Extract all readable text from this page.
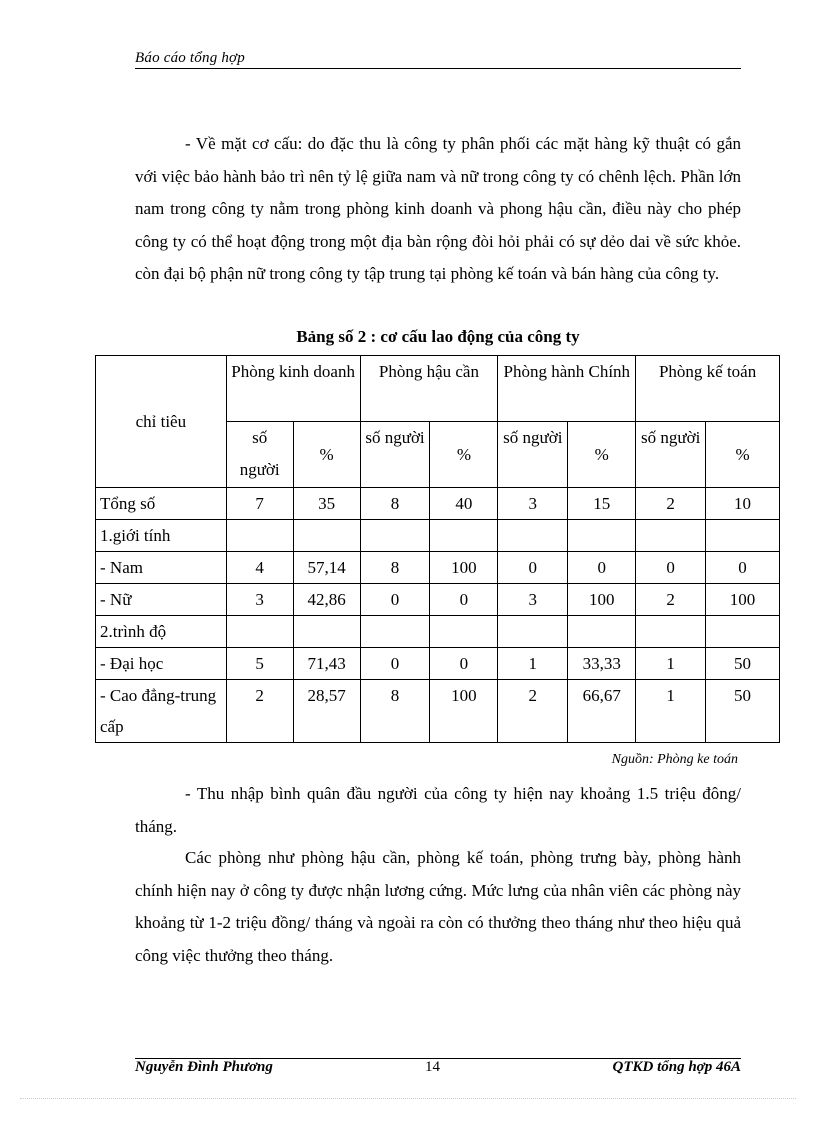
Báo cáo tổng hợp
- Về mặt cơ cấu: do đặc thu là công ty phân phối các mặt hàng kỹ thuật có gắn với việc bảo hành bảo trì nên tỷ lệ giữa nam và nữ trong công ty có chênh lệch. Phần lớn nam trong công ty nằm trong phòng kinh doanh và phong hậu cần, điều này cho phép công ty có thể hoạt động trong một địa bàn rộng đòi hỏi phải có sự dẻo dai về sức khỏe. còn đại bộ phận nữ trong công ty tập trung tại phòng kế toán và bán hàng của công ty.
Bảng số 2 : cơ cấu lao động của công ty
chỉ tiêu	Phòng kinh doanh		Phòng hậu cần		Phòng hành Chính		Phòng kế toán	
	số người	%	số người	%	số người	%	số người	%
Tổng số	7	35	8	40	3	15	2	10
1.giới tính								
- Nam	4	57,14	8	100	0	0	0	0
- Nữ	3	42,86	0	0	3	100	2	100
2.trình độ								
- Đại học	5	71,43	0	0	1	33,33	1	50
- Cao đẳng-trung cấp	2	28,57	8	100	2	66,67	1	50
Nguồn: Phòng ke toán
- Thu nhập bình quân đầu người của công ty hiện nay khoảng 1.5 triệu đông/ tháng.
Các phòng như phòng hậu cần, phòng kế toán, phòng trưng bày, phòng hành chính hiện nay ở công ty được nhận lương cứng. Mức lưng của nhân viên các phòng này khoảng từ 1-2 triệu đồng/ tháng và ngoài ra còn có thưởng theo tháng như theo hiệu quả công việc thưởng theo tháng.
Nguyễn Đình Phương	14	QTKD tổng hợp 46A
